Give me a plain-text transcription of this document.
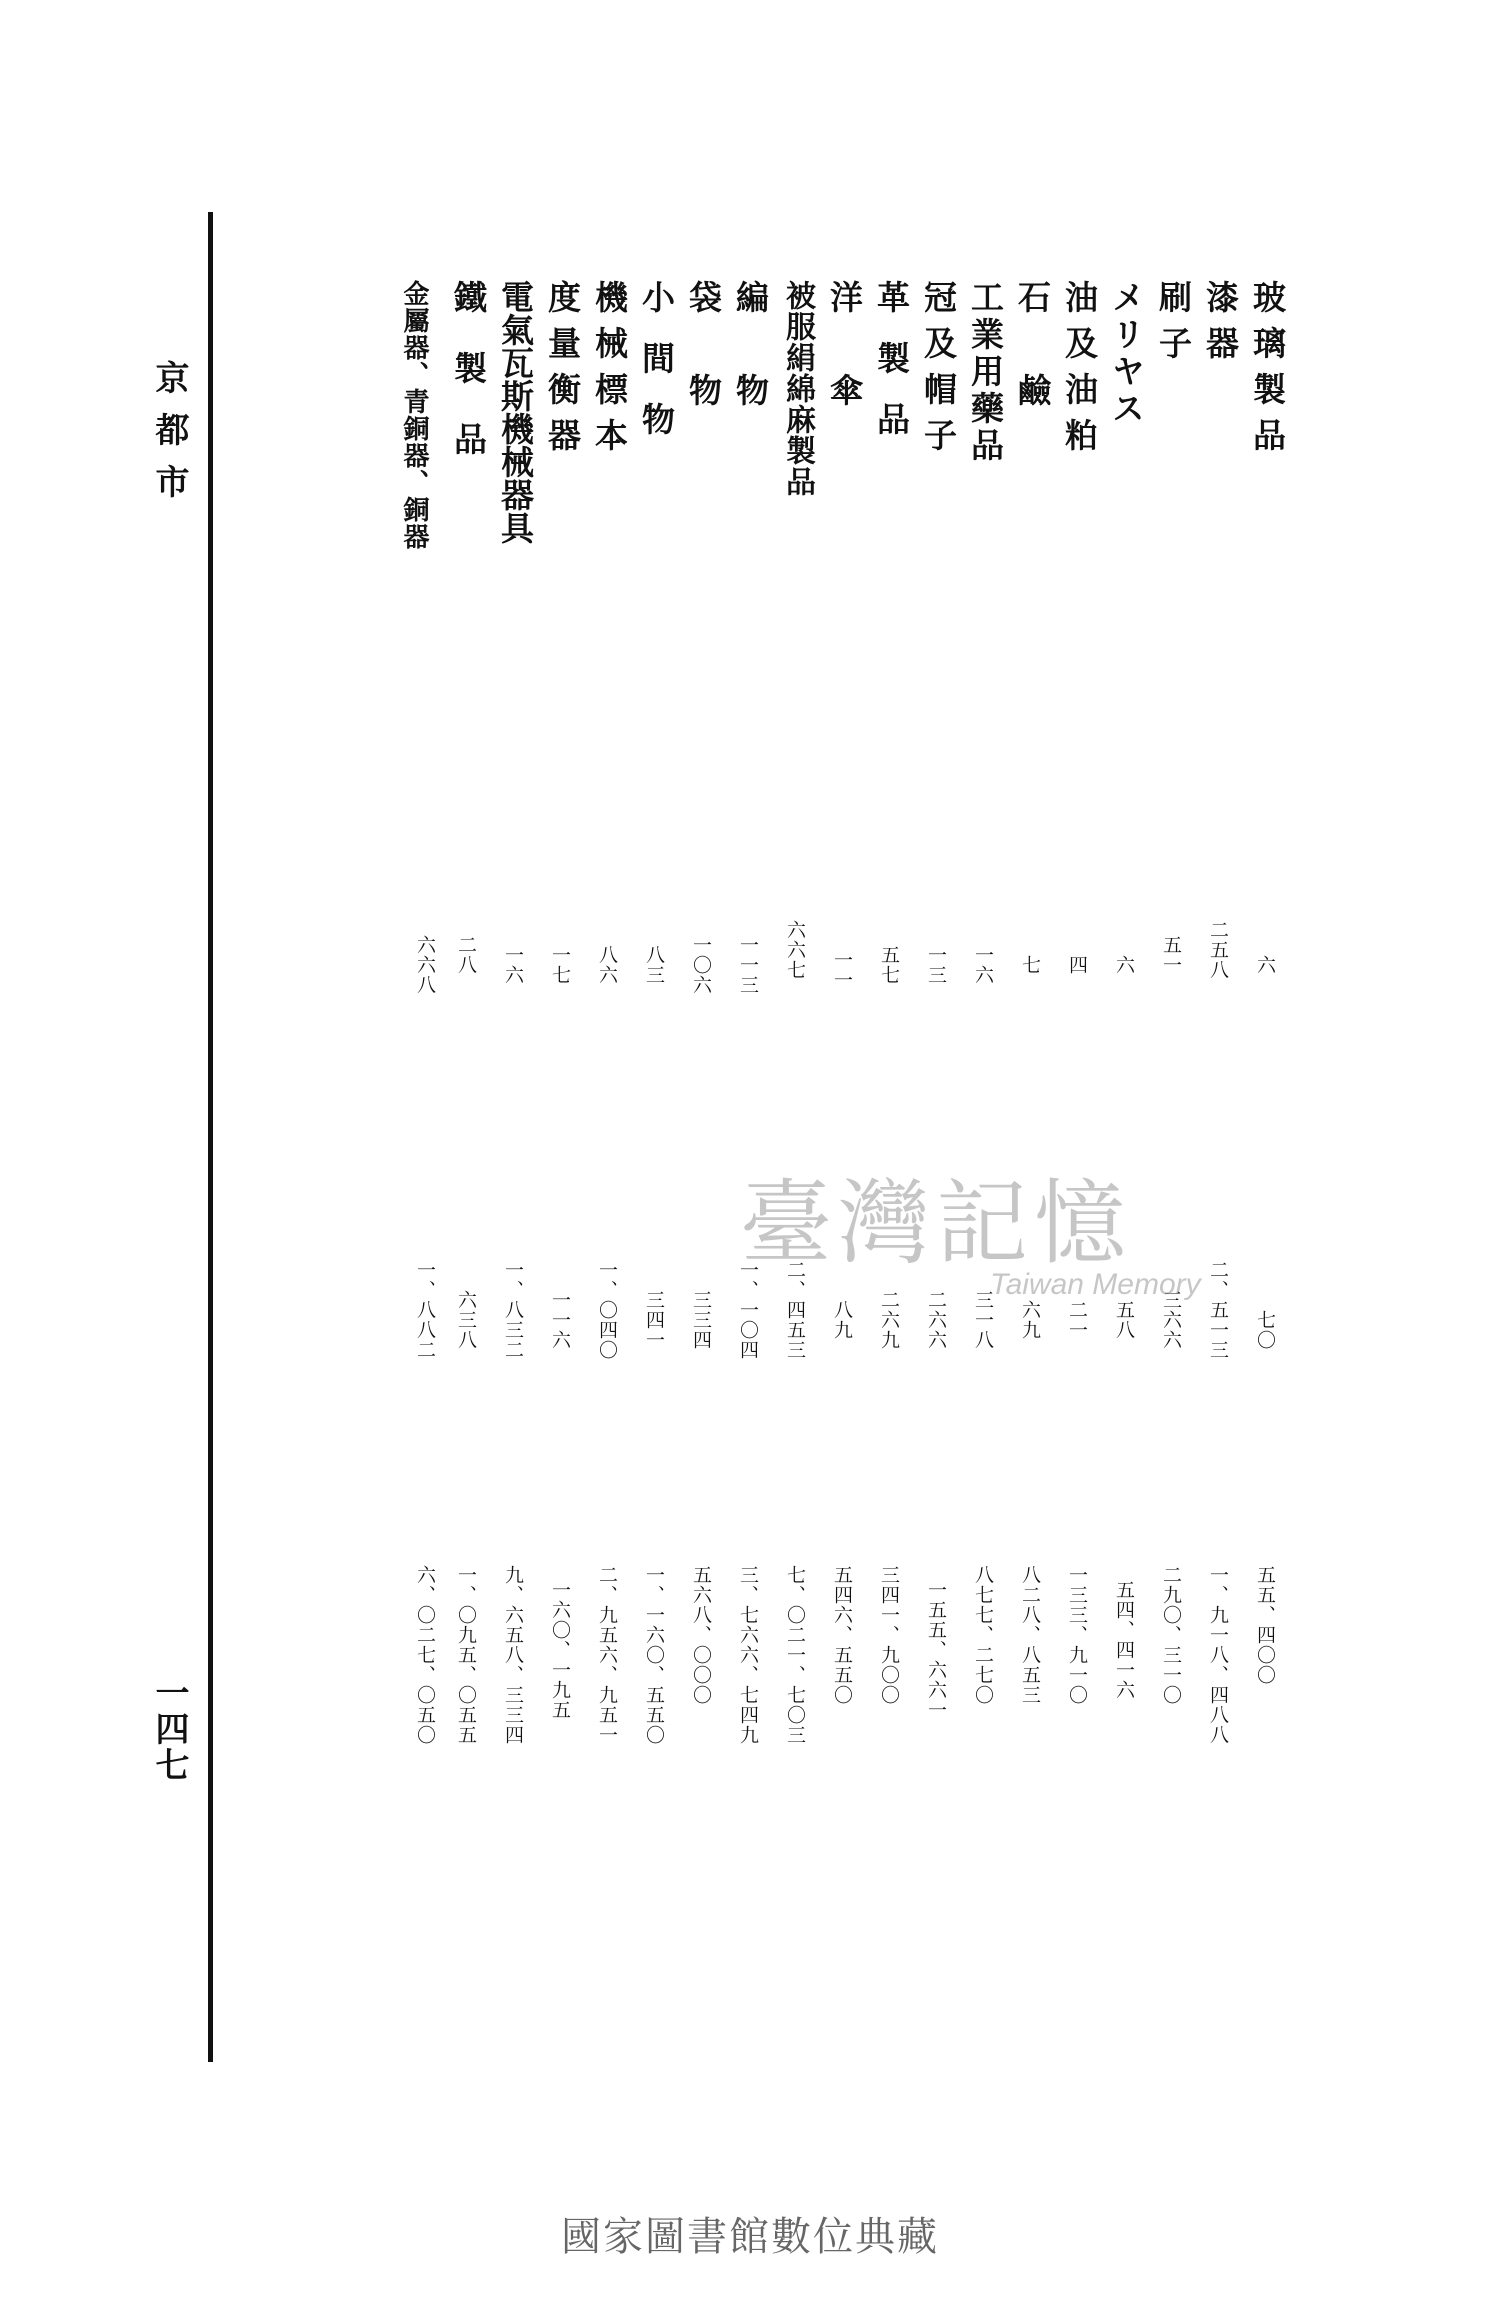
京都市
一四七
玻璃製品
六
七〇
五五、四〇〇
漆器
二五八
二、五一三
一、九一八、四八八
刷子
五一
三六六
二九〇、三一〇
メリヤス
六
五八
五四、四一六
油及油粕
四
二一
一三三、九一〇
石鹼
七
六九
八二八、八五三
工業用藥品
一六
三一八
八七七、二七〇
冠及帽子
一三
二六六
一五五、六六一
革製品
五七
二六九
三四一、九〇〇
洋傘
一一
八九
五四六、五五〇
被服絹綿麻製品
六六七
二、四五三
七、〇二一、七〇三
編物
一一三
一、一〇四
三、七六六、七四九
袋物
一〇六
三三四
五六八、〇〇〇
小間物
八三
三四一
一、一六〇、五五〇
機械標本
八六
一、〇四〇
二、九五六、九五一
度量衡器
一七
一一六
一六〇、一九五
電氣瓦斯機械器具
一六
一、八三二
九、六五八、三三四
鐵製品
二八
六三八
一、〇九五、〇五五
金屬器、青銅器、銅器
六六八
一、八八二
六、〇二七、〇五〇
臺灣記憶
Taiwan Memory
國家圖書館數位典藏
